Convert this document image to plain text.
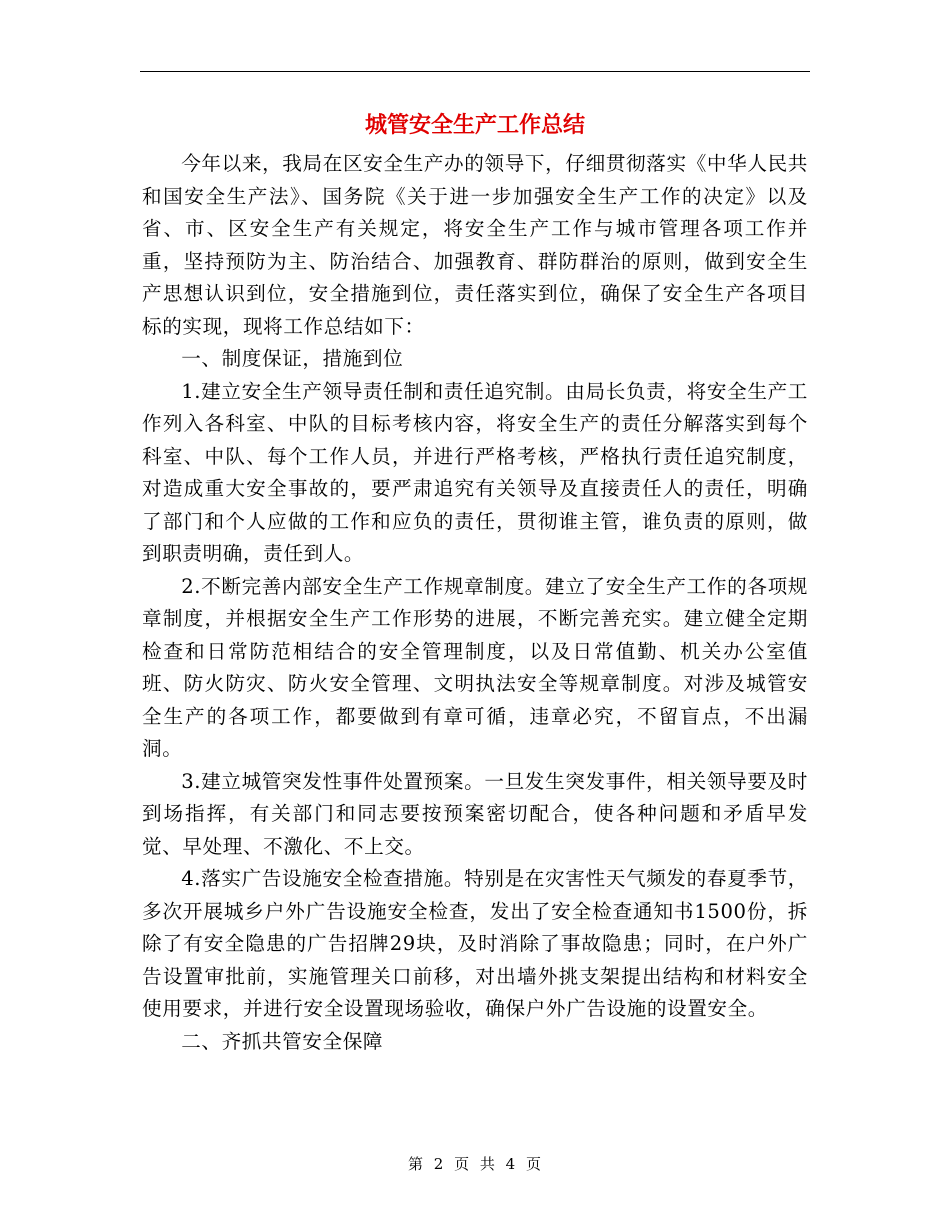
城管安全生产工作总结

今年以来，我局在区安全生产办的领导下，仔细贯彻落实《中华人民共和国安全生产法》、国务院《关于进一步加强安全生产工作的决定》以及省、市、区安全生产有关规定，将安全生产工作与城市管理各项工作并重，坚持预防为主、防治结合、加强教育、群防群治的原则，做到安全生产思想认识到位，安全措施到位，责任落实到位，确保了安全生产各项目标的实现，现将工作总结如下：

一、制度保证，措施到位

1.建立安全生产领导责任制和责任追究制。由局长负责，将安全生产工作列入各科室、中队的目标考核内容，将安全生产的责任分解落实到每个科室、中队、每个工作人员，并进行严格考核，严格执行责任追究制度，对造成重大安全事故的，要严肃追究有关领导及直接责任人的责任，明确了部门和个人应做的工作和应负的责任，贯彻谁主管，谁负责的原则，做到职责明确，责任到人。

2.不断完善内部安全生产工作规章制度。建立了安全生产工作的各项规章制度，并根据安全生产工作形势的进展，不断完善充实。建立健全定期检查和日常防范相结合的安全管理制度，以及日常值勤、机关办公室值班、防火防灾、防火安全管理、文明执法安全等规章制度。对涉及城管安全生产的各项工作，都要做到有章可循，违章必究，不留盲点，不出漏洞。

3.建立城管突发性事件处置预案。一旦发生突发事件，相关领导要及时到场指挥，有关部门和同志要按预案密切配合，使各种问题和矛盾早发觉、早处理、不激化、不上交。

4.落实广告设施安全检查措施。特别是在灾害性天气频发的春夏季节，多次开展城乡户外广告设施安全检查，发出了安全检查通知书1500份，拆除了有安全隐患的广告招牌29块，及时消除了事故隐患；同时，在户外广告设置审批前，实施管理关口前移，对出墙外挑支架提出结构和材料安全使用要求，并进行安全设置现场验收，确保户外广告设施的设置安全。

二、齐抓共管安全保障

第 2 页 共 4 页
